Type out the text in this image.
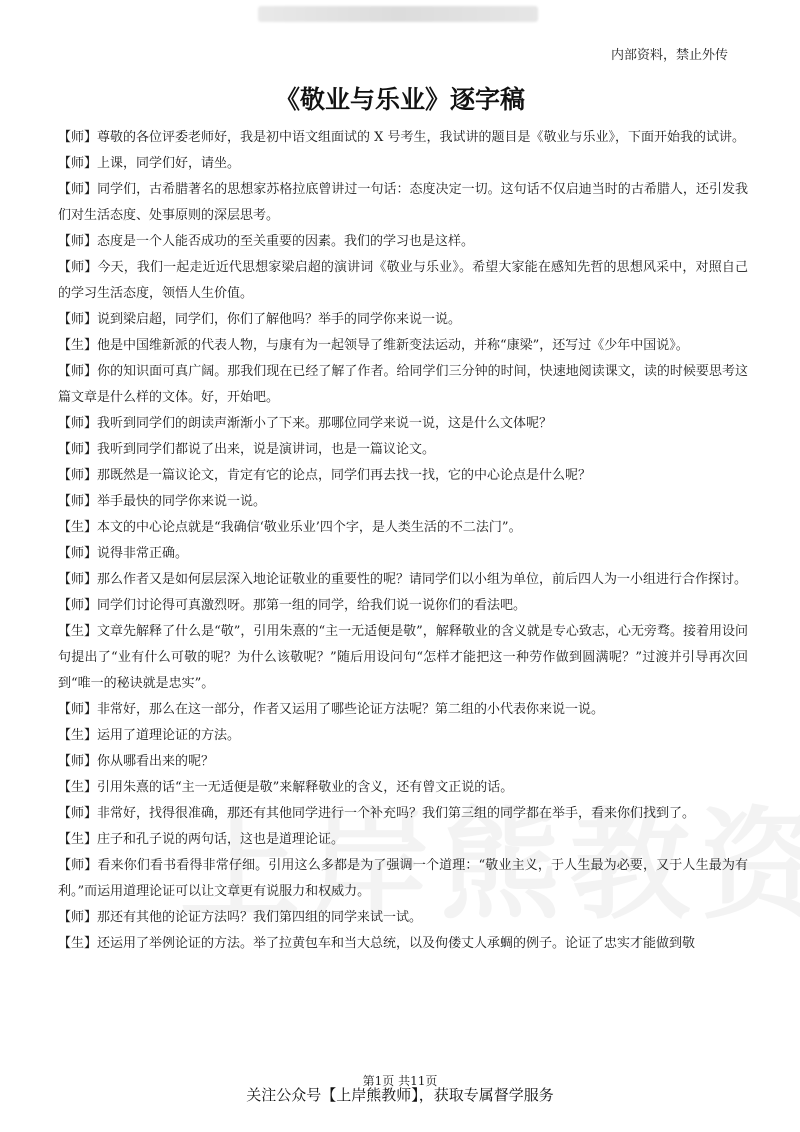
内部资料，禁止外传
《敬业与乐业》逐字稿

【师】尊敬的各位评委老师好，我是初中语文组面试的 X 号考生，我试讲的题目是《敬业与乐业》，下面开始我的试讲。

【师】上课，同学们好，请坐。

【师】同学们，古希腊著名的思想家苏格拉底曾讲过一句话：态度决定一切。这句话不仅启迪当时的古希腊人，还引发我们对生活态度、处事原则的深层思考。

【师】态度是一个人能否成功的至关重要的因素。我们的学习也是这样。

【师】今天，我们一起走近近代思想家梁启超的演讲词《敬业与乐业》。希望大家能在感知先哲的思想风采中，对照自己的学习生活态度，领悟人生价值。

【师】说到梁启超，同学们，你们了解他吗？举手的同学你来说一说。

【生】他是中国维新派的代表人物，与康有为一起领导了维新变法运动，并称“康梁”，还写过《少年中国说》。

【师】你的知识面可真广阔。那我们现在已经了解了作者。给同学们三分钟的时间，快速地阅读课文，读的时候要思考这篇文章是什么样的文体。好，开始吧。

【师】我听到同学们的朗读声渐渐小了下来。那哪位同学来说一说，这是什么文体呢？

【师】我听到同学们都说了出来，说是演讲词，也是一篇议论文。

【师】那既然是一篇议论文，肯定有它的论点，同学们再去找一找，它的中心论点是什么呢？

【师】举手最快的同学你来说一说。

【生】本文的中心论点就是“我确信‘敬业乐业’四个字，是人类生活的不二法门”。

【师】说得非常正确。

【师】那么作者又是如何层层深入地论证敬业的重要性的呢？请同学们以小组为单位，前后四人为一小组进行合作探讨。

【师】同学们讨论得可真激烈呀。那第一组的同学，给我们说一说你们的看法吧。

【生】文章先解释了什么是“敬”，引用朱熹的“主一无适便是敬”，解释敬业的含义就是专心致志，心无旁骛。接着用设问句提出了“业有什么可敬的呢？为什么该敬呢？”随后用设问句“怎样才能把这一种劳作做到圆满呢？”过渡并引导再次回到“唯一的秘诀就是忠实”。

【师】非常好，那么在这一部分，作者又运用了哪些论证方法呢？第二组的小代表你来说一说。

【生】运用了道理论证的方法。

【师】你从哪看出来的呢？

【生】引用朱熹的话“主一无适便是敬”来解释敬业的含义，还有曾文正说的话。

【师】非常好，找得很准确，那还有其他同学进行一个补充吗？我们第三组的同学都在举手，看来你们找到了。

【生】庄子和孔子说的两句话，这也是道理论证。

【师】看来你们看书看得非常仔细。引用这么多都是为了强调一个道理：“敬业主义，于人生最为必要，又于人生最为有利。”而运用道理论证可以让文章更有说服力和权威力。

【师】那还有其他的论证方法吗？我们第四组的同学来试一试。

【生】还运用了举例论证的方法。举了拉黄包车和当大总统，以及佝偻丈人承蜩的例子。论证了忠实才能做到敬

第1页 共11页
关注公众号【上岸熊教师】，获取专属督学服务
